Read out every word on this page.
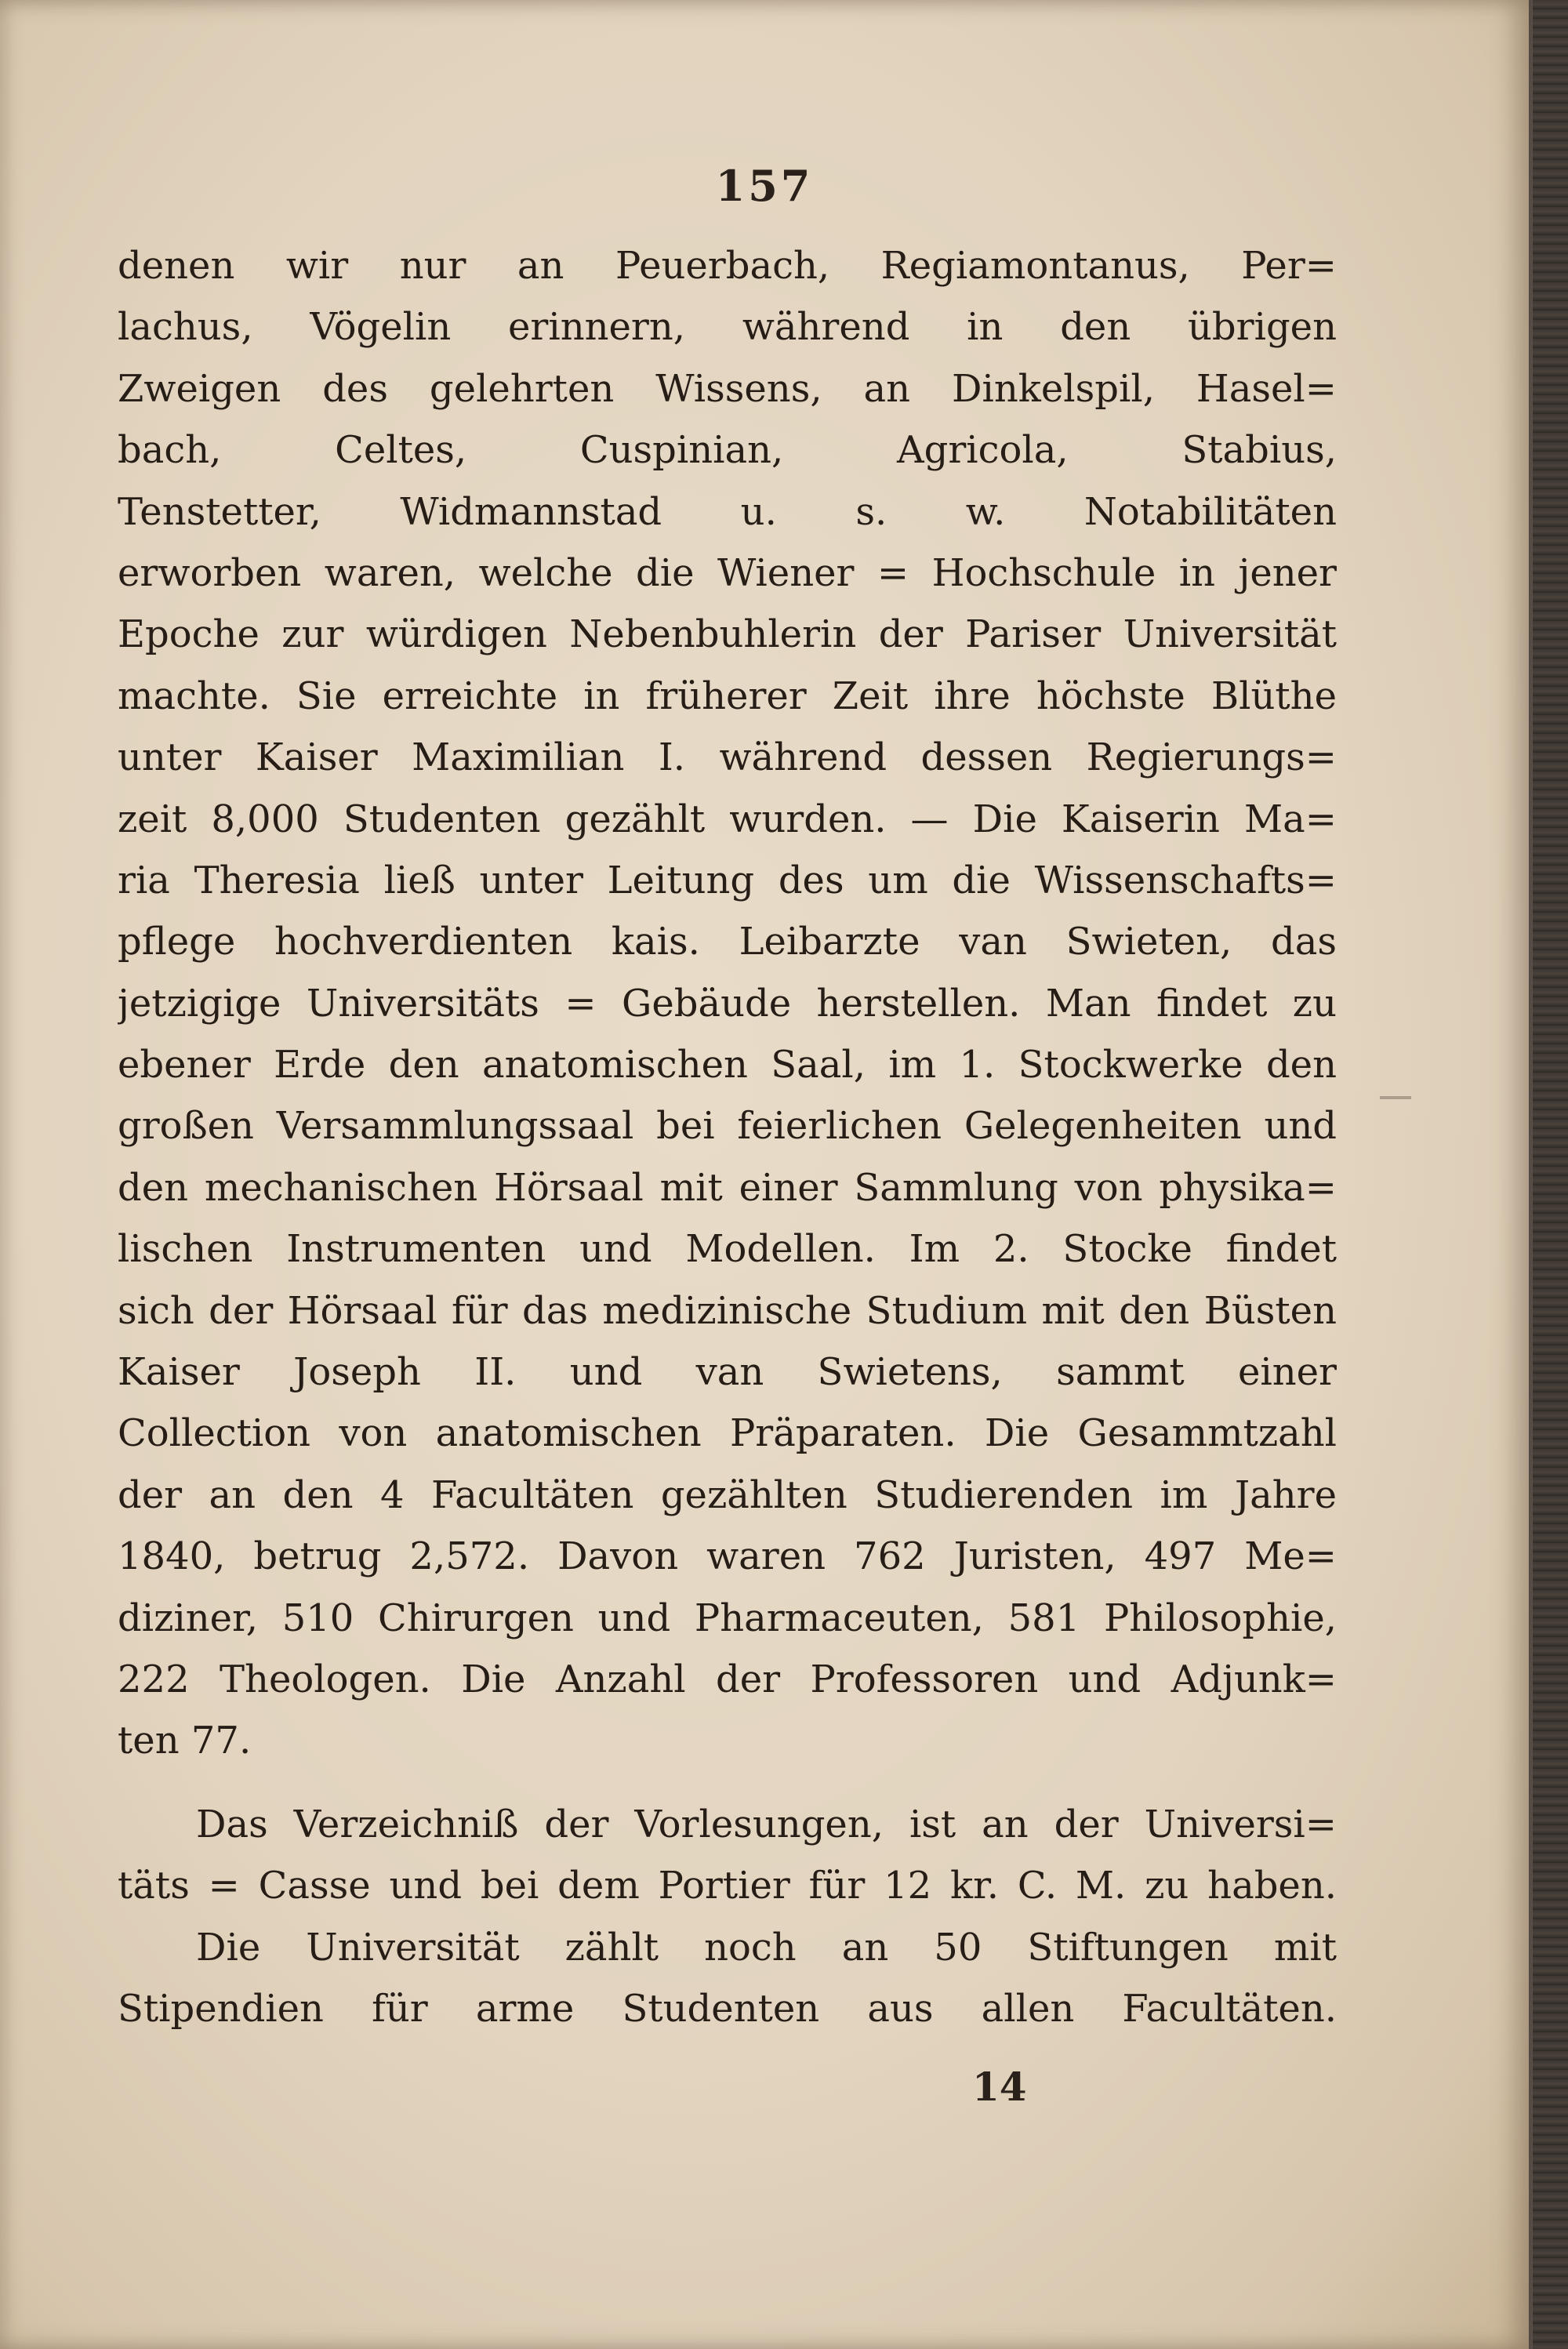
157
denen wir nur an Peuerbach, Regiamontanus, Per=
lachus, Vögelin erinnern, während in den übrigen
Zweigen des gelehrten Wissens, an Dinkelspil, Hasel=
bach, Celtes, Cuspinian, Agricola, Stabius,
Tenstetter, Widmannstad u. s. w. Notabilitäten
erworben waren, welche die Wiener = Hochschule in jener
Epoche zur würdigen Nebenbuhlerin der Pariser Universität
machte. Sie erreichte in früherer Zeit ihre höchste Blüthe
unter Kaiser Maximilian I. während dessen Regierungs=
zeit 8,000 Studenten gezählt wurden. — Die Kaiserin Ma=
ria Theresia ließ unter Leitung des um die Wissenschafts=
pflege hochverdienten kais. Leibarzte van Swieten, das
jetzigige Universitäts = Gebäude herstellen. Man findet zu
ebener Erde den anatomischen Saal, im 1. Stockwerke den
großen Versammlungssaal bei feierlichen Gelegenheiten und
den mechanischen Hörsaal mit einer Sammlung von physika=
lischen Instrumenten und Modellen. Im 2. Stocke findet
sich der Hörsaal für das medizinische Studium mit den Büsten
Kaiser Joseph II. und van Swietens, sammt einer
Collection von anatomischen Präparaten. Die Gesammtzahl
der an den 4 Facultäten gezählten Studierenden im Jahre
1840, betrug 2,572. Davon waren 762 Juristen, 497 Me=
diziner, 510 Chirurgen und Pharmaceuten, 581 Philosophie,
222 Theologen. Die Anzahl der Professoren und Adjunk=
ten 77.
Das Verzeichniß der Vorlesungen, ist an der Universi=
täts = Casse und bei dem Portier für 12 kr. C. M. zu haben.
Die Universität zählt noch an 50 Stiftungen mit
Stipendien für arme Studenten aus allen Facultäten.
14
